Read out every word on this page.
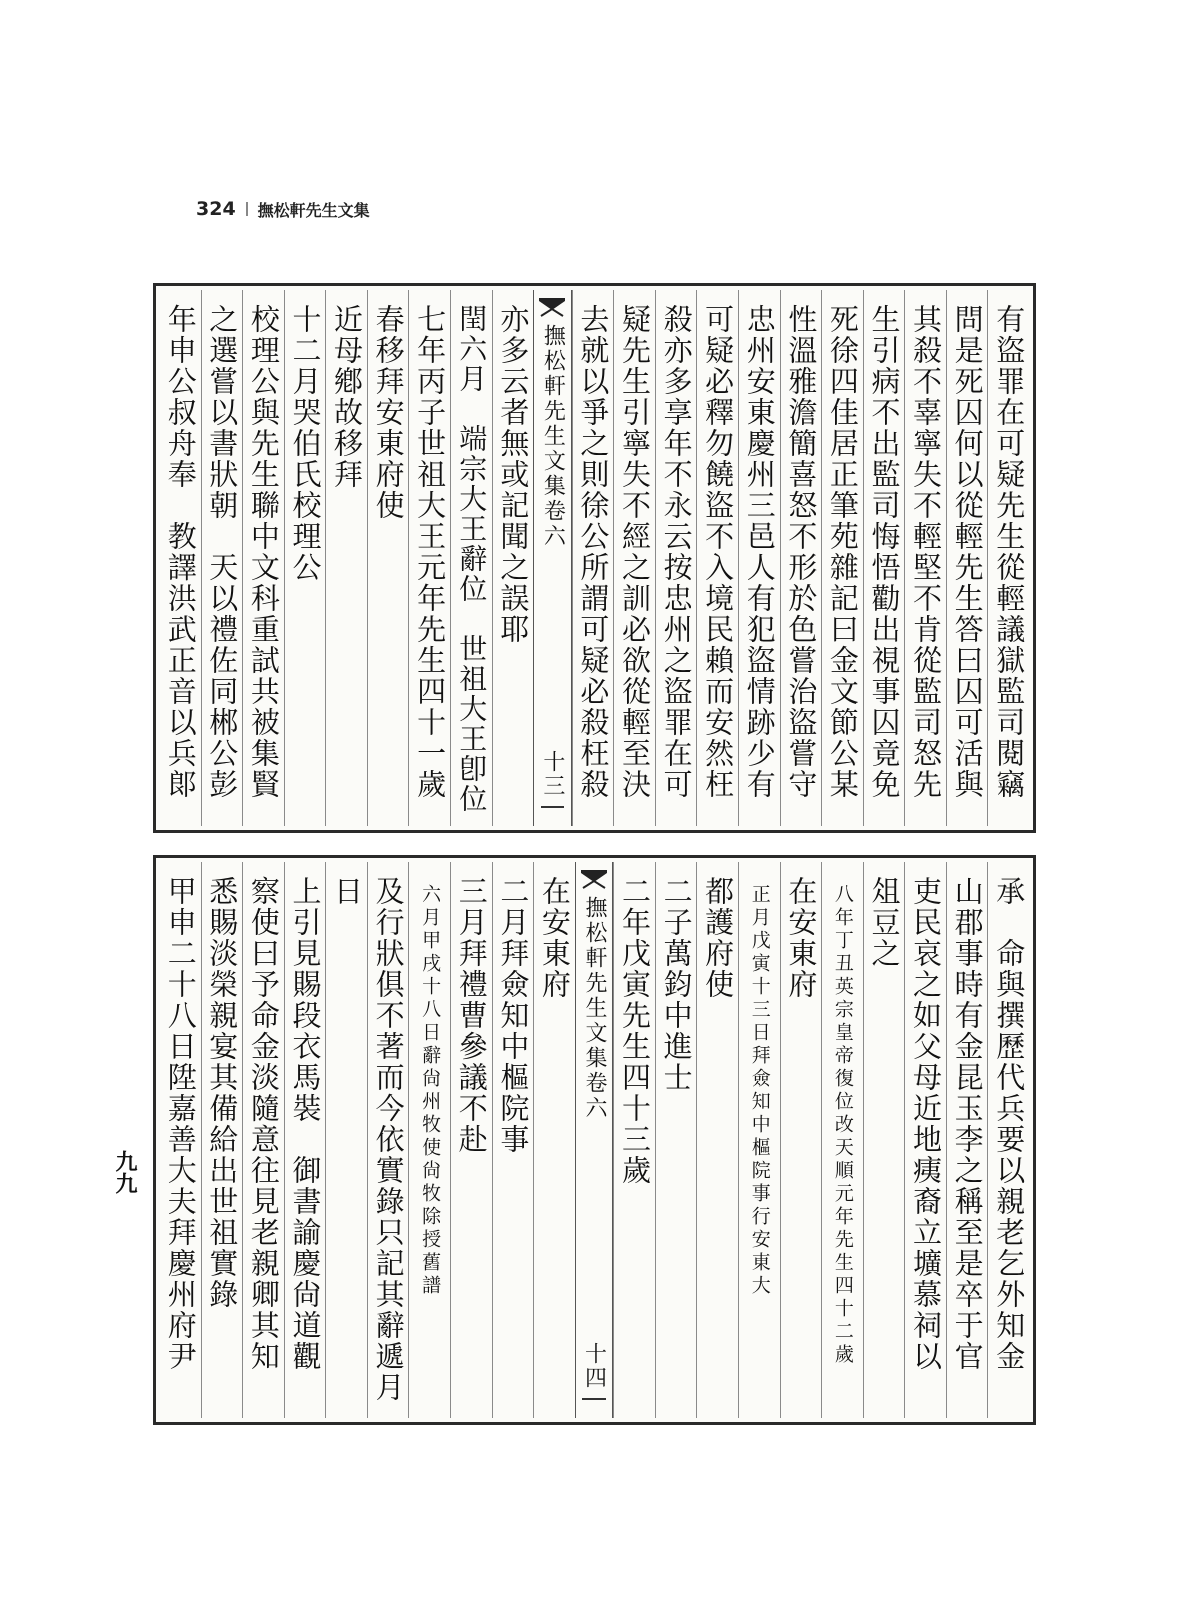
324 撫松軒先生文集
有盜罪在可疑先生從輕議獄監司閱竊
問是死囚何以從輕先生答曰囚可活與
其殺不辜寧失不輕堅不肯從監司怒先
生引病不出監司悔悟勸出視事囚竟免
死徐四佳居正筆苑雜記曰金文節公某
性溫雅澹簡喜怒不形於色嘗治盜嘗守
忠州安東慶州三邑人有犯盜情跡少有
可疑必釋勿饒盜不入境民賴而安然枉
殺亦多享年不永云按忠州之盜罪在可
疑先生引寧失不經之訓必欲從輕至決
去就以爭之則徐公所謂可疑必殺枉殺
撫松軒先生文集卷六
十三
亦多云者無或記聞之誤耶
閏六月　端宗大王辭位　世祖大王卽位
七年丙子世祖大王元年先生四十一歲
春移拜安東府使
近母鄕故移拜
十二月哭伯氏校理公
校理公與先生聯中文科重試共被集賢
之選嘗以書狀朝　天以禮佐同郴公彭
年申公叔舟奉　教譯洪武正音以兵郞
承　命與撰歷代兵要以親老乞外知金
山郡事時有金昆玉李之稱至是卒于官
吏民哀之如父母近地痍裔立壙慕祠以
俎豆之
八年丁丑英宗皇帝復位改天順元年先生四十二歲
在安東府
正月戊寅十三日拜僉知中樞院事行安東大
都護府使
二子萬鈞中進士
二年戊寅先生四十三歲
撫松軒先生文集卷六
十四
在安東府
二月拜僉知中樞院事
三月拜禮曹參議不赴
六月甲戌十八日辭尙州牧使尙牧除授舊譜
及行狀俱不著而今依實錄只記其辭遞月
日
上引見賜段衣馬裝　御書諭慶尙道觀
察使曰予命金淡隨意往見老親卿其知
悉賜淡榮親宴其備給出世祖實錄
甲申二十八日陞嘉善大夫拜慶州府尹
九九
